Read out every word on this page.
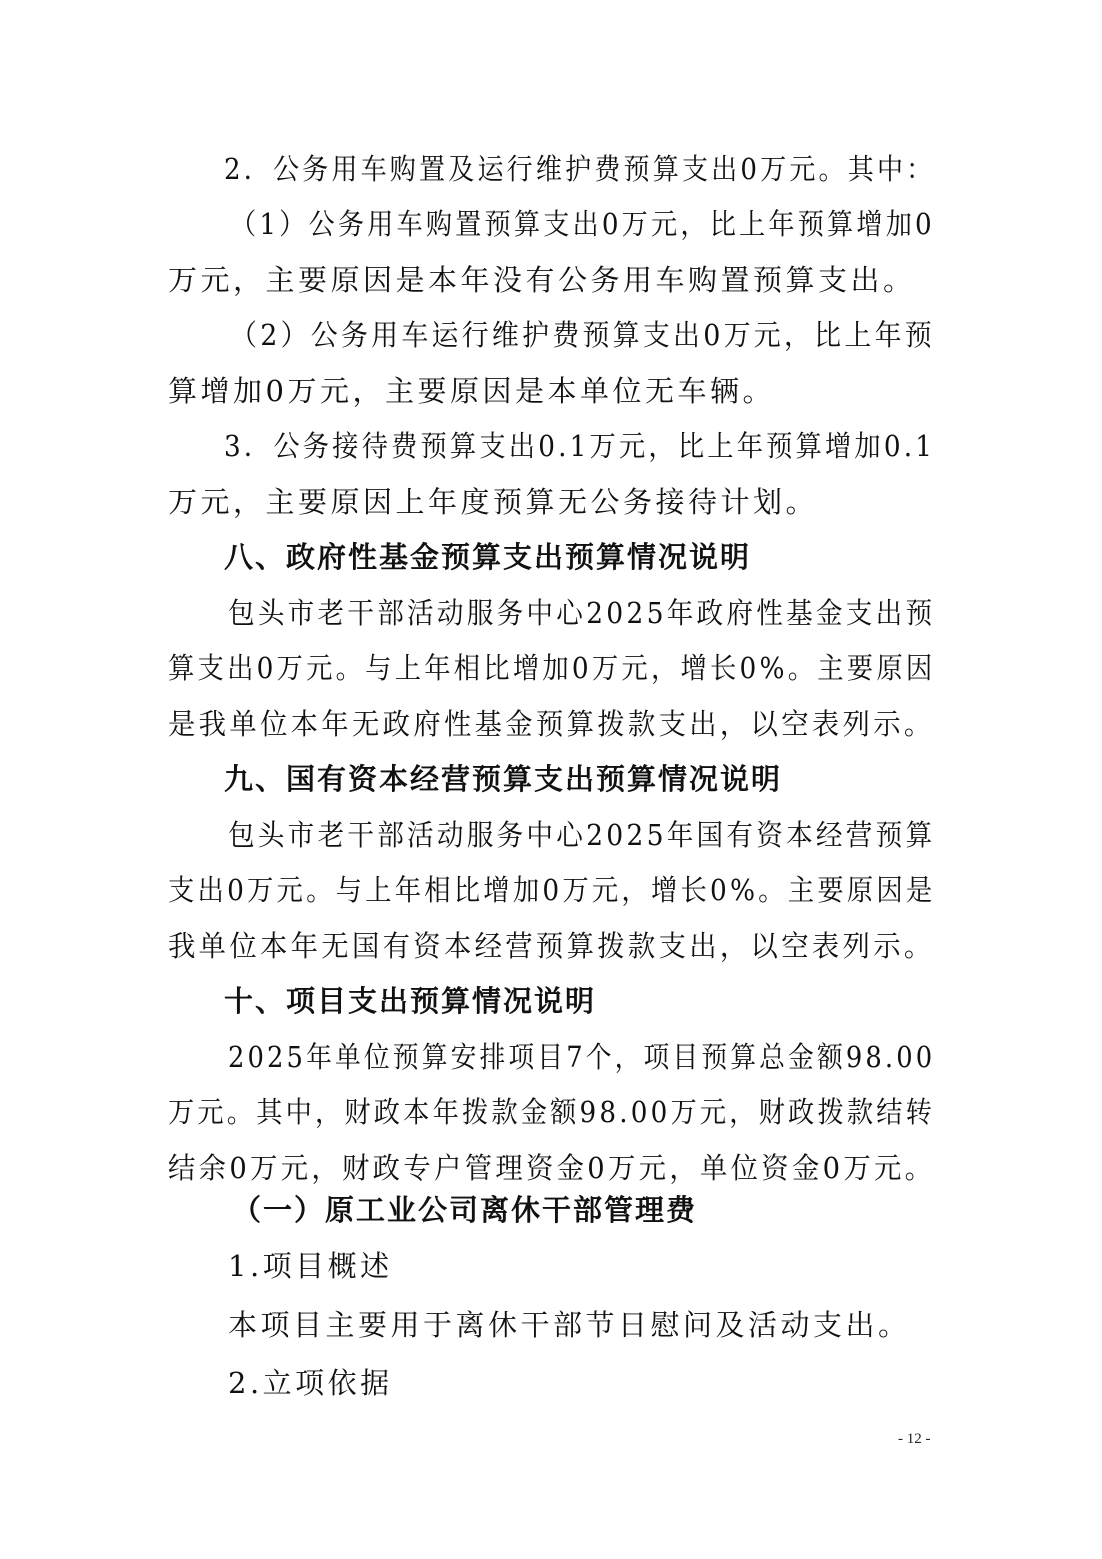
2．公务用车购置及运行维护费预算支出0万元。其中：
（1）公务用车购置预算支出0万元，比上年预算增加0
万元，主要原因是本年没有公务用车购置预算支出。
（2）公务用车运行维护费预算支出0万元，比上年预
算增加0万元，主要原因是本单位无车辆。
3．公务接待费预算支出0.1万元，比上年预算增加0.1
万元，主要原因上年度预算无公务接待计划。
八、政府性基金预算支出预算情况说明
包头市老干部活动服务中心2025年政府性基金支出预
算支出0万元。与上年相比增加0万元，增长0%。主要原因
是我单位本年无政府性基金预算拨款支出，以空表列示。
九、国有资本经营预算支出预算情况说明
包头市老干部活动服务中心2025年国有资本经营预算
支出0万元。与上年相比增加0万元，增长0%。主要原因是
我单位本年无国有资本经营预算拨款支出，以空表列示。
十、项目支出预算情况说明
2025年单位预算安排项目7个，项目预算总金额98.00
万元。其中，财政本年拨款金额98.00万元，财政拨款结转
结余0万元，财政专户管理资金0万元，单位资金0万元。
（一）原工业公司离休干部管理费
1.项目概述
本项目主要用于离休干部节日慰问及活动支出。
2.立项依据
- 12 -
